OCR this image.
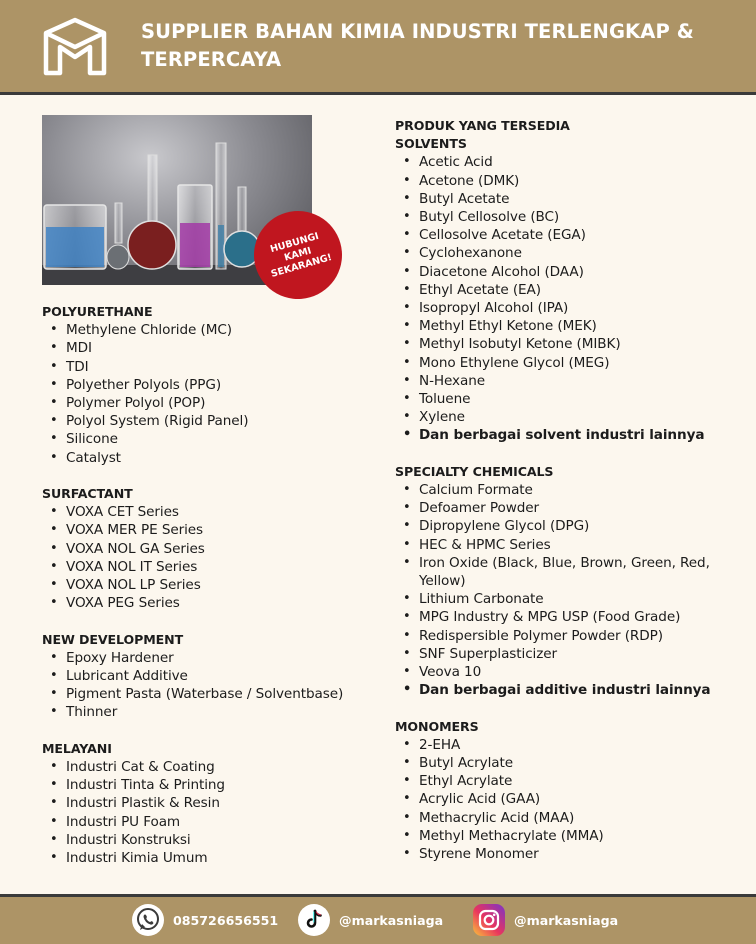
SUPPLIER BAHAN KIMIA INDUSTRI TERLENGKAP & TERPERCAYA
HUBUNGI KAMI SEKARANG!
POLYURETHANE
• Methylene Chloride (MC)
• MDI
• TDI
• Polyether Polyols (PPG)
• Polymer Polyol (POP)
• Polyol System (Rigid Panel)
• Silicone
• Catalyst
SURFACTANT
• VOXA CET Series
• VOXA MER PE Series
• VOXA NOL GA Series
• VOXA NOL IT Series
• VOXA NOL LP Series
• VOXA PEG Series
NEW DEVELOPMENT
• Epoxy Hardener
• Lubricant Additive
• Pigment Pasta (Waterbase / Solventbase)
• Thinner
MELAYANI
• Industri Cat & Coating
• Industri Tinta & Printing
• Industri Plastik & Resin
• Industri PU Foam
• Industri Konstruksi
• Industri Kimia Umum
PRODUK YANG TERSEDIA
SOLVENTS
• Acetic Acid
• Acetone (DMK)
• Butyl Acetate
• Butyl Cellosolve (BC)
• Cellosolve Acetate (EGA)
• Cyclohexanone
• Diacetone Alcohol (DAA)
• Ethyl Acetate (EA)
• Isopropyl Alcohol (IPA)
• Methyl Ethyl Ketone (MEK)
• Methyl Isobutyl Ketone (MIBK)
• Mono Ethylene Glycol (MEG)
• N-Hexane
• Toluene
• Xylene
• Dan berbagai solvent industri lainnya
SPECIALTY CHEMICALS
• Calcium Formate
• Defoamer Powder
• Dipropylene Glycol (DPG)
• HEC & HPMC Series
• Iron Oxide (Black, Blue, Brown, Green, Red, Yellow)
• Lithium Carbonate
• MPG Industry & MPG USP (Food Grade)
• Redispersible Polymer Powder (RDP)
• SNF Superplasticizer
• Veova 10
• Dan berbagai additive industri lainnya
MONOMERS
• 2-EHA
• Butyl Acrylate
• Ethyl Acrylate
• Acrylic Acid (GAA)
• Methacrylic Acid (MAA)
• Methyl Methacrylate (MMA)
• Styrene Monomer
085726656551	@markasniaga	@markasniaga
